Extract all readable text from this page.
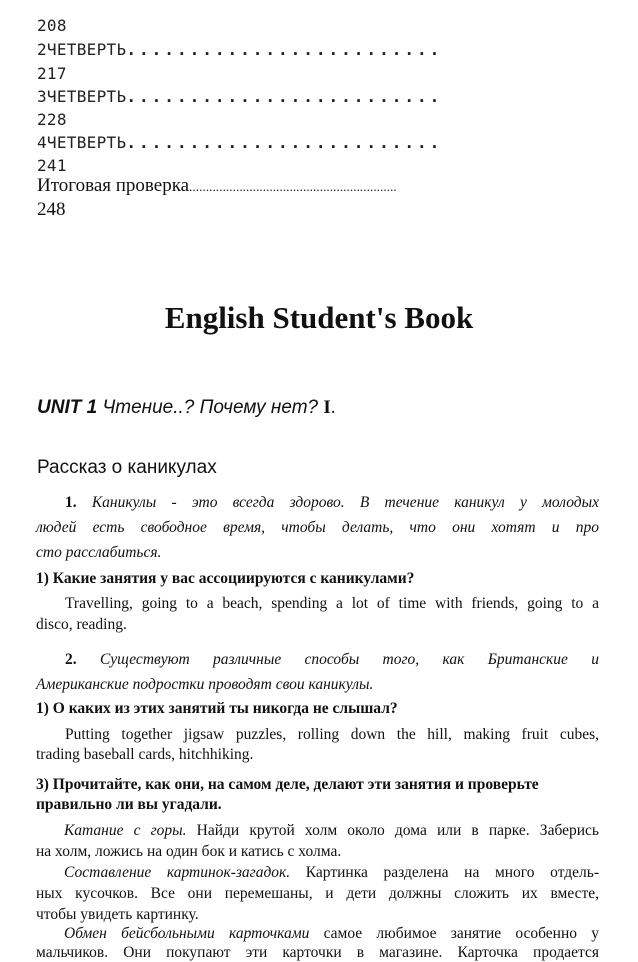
208
2ЧЕТВЕРТЬ.........................
217
3ЧЕТВЕРТЬ.........................
228
4ЧЕТВЕРТЬ.........................
241
Итоговая проверка..............................................................
248
English Student's Book
UNIT 1 Чтение..? Почему нет? I.
Рассказ о каникулах
1. Каникулы - это всегда здорово. В течение каникул у молодых
людей есть свободное время, чтобы делать, что они хотят и про
сто расслабиться.
1) Какие занятия у вас ассоциируются с каникулами?
Travelling, going to a beach, spending a lot of time with friends, going to a
disco, reading.
2. Существуют различные способы того, как Британские и
Американские подростки проводят свои каникулы.
1) О каких из этих занятий ты никогда не слышал?
Putting together jigsaw puzzles, rolling down the hill, making fruit cubes,
trading baseball cards, hitchhiking.
3) Прочитайте, как они, на самом деле, делают эти занятия и проверьте
правильно ли вы угадали.
Катание с горы. Найди крутой холм около дома или в парке. Заберись
на холм, ложись на один бок и катись с холма.
Составление картинок-загадок. Картинка разделена на много отдель-
ных кусочков. Все они перемешаны, и дети должны сложить их вместе,
чтобы увидеть картинку.
Обмен бейсбольными карточками самое любимое занятие особенно у
мальчиков. Они покупают эти карточки в магазине. Карточка продается
